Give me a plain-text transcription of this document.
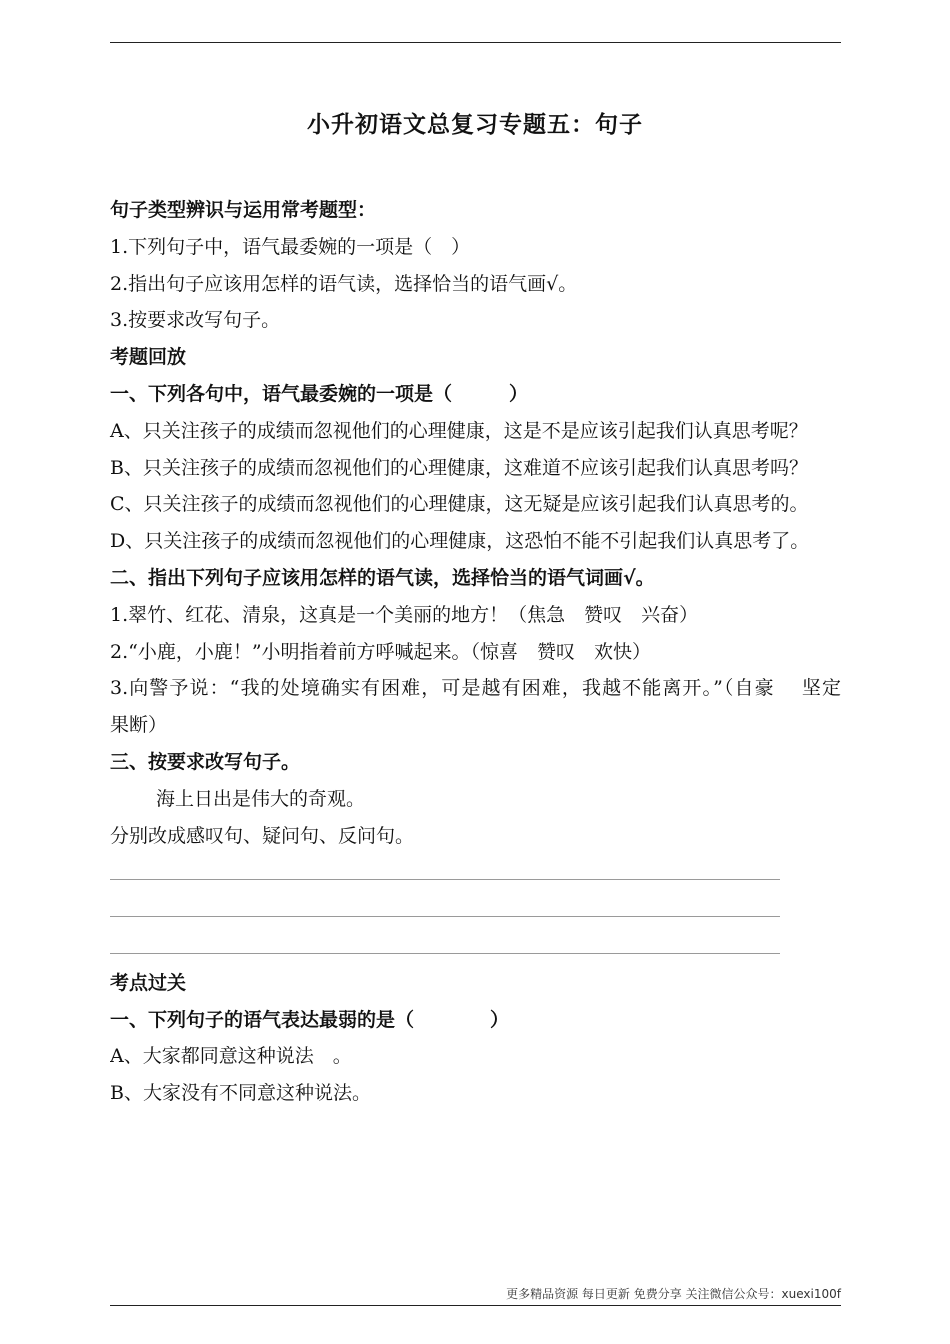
小升初语文总复习专题五：句子
句子类型辨识与运用常考题型：
1.下列句子中，语气最委婉的一项是（　）
2.指出句子应该用怎样的语气读，选择恰当的语气画√。
3.按要求改写句子。
考题回放
一、下列各句中，语气最委婉的一项是（　　　）
A、只关注孩子的成绩而忽视他们的心理健康，这是不是应该引起我们认真思考呢？
B、只关注孩子的成绩而忽视他们的心理健康，这难道不应该引起我们认真思考吗？
C、只关注孩子的成绩而忽视他们的心理健康，这无疑是应该引起我们认真思考的。
D、只关注孩子的成绩而忽视他们的心理健康，这恐怕不能不引起我们认真思考了。
二、指出下列句子应该用怎样的语气读，选择恰当的语气词画√。
1.翠竹、红花、清泉，这真是一个美丽的地方！（焦急　赞叹　兴奋）
2.“小鹿，小鹿！”小明指着前方呼喊起来。（惊喜　赞叹　欢快）
3.向警予说：“我的处境确实有困难，可是越有困难，我越不能离开。”（自豪　 坚定　 果断）
三、按要求改写句子。
海上日出是伟大的奇观。
分别改成感叹句、疑问句、反问句。
考点过关
一、下列句子的语气表达最弱的是（　　　　）
A、大家都同意这种说法　。
B、大家没有不同意这种说法。
更多精品资源 每日更新 免费分享 关注微信公众号：xuexi100f
